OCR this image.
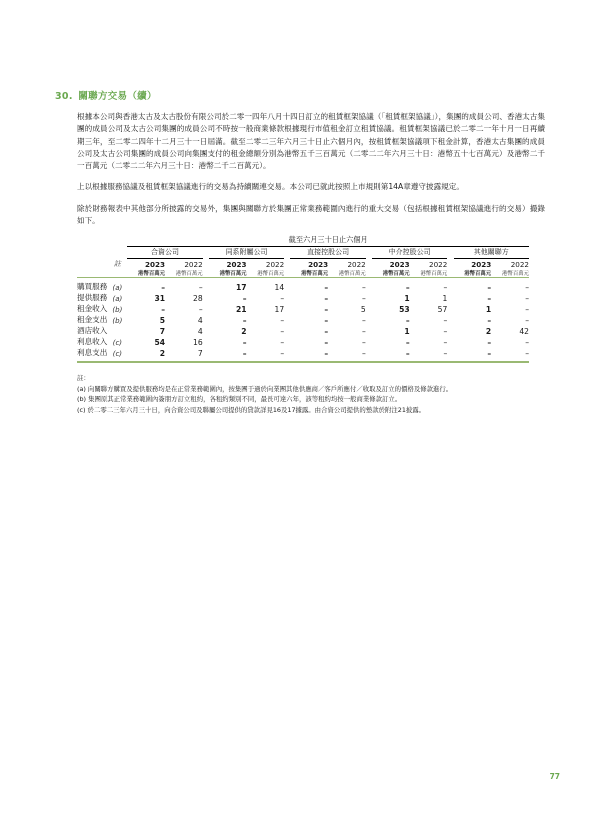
30. 關聯方交易（續）

根據本公司與香港太古及太古股份有限公司於二零一四年八月十四日訂立的租賃框架協議（「租賃框架協議」），集團的成員公司、香港太古集團的成員公司及太古公司集團的成員公司不時按一般商業條款根據現行市值租金訂立租賃協議。租賃框架協議已於二零二一年十月一日再續期三年，至二零二四年十二月三十一日屆滿。截至二零二三年六月三十日止六個月內，按租賃框架協議項下租金計算，香港太古集團的成員公司及太古公司集團的成員公司向集團支付的租金總額分別為港幣五千三百萬元（二零二二年六月三十日：港幣五十七百萬元）及港幣二千一百萬元（二零二二年六月三十日：港幣二千二百萬元）。

上以根據服務協議及租賃框架協議進行的交易為持續關連交易。本公司已就此按照上市規則第14A章遵守披露規定。

除於財務報表中其他部分所披露的交易外，集團與關聯方於集團正常業務範圍內進行的重大交易（包括根據租賃框架協議進行的交易）撮錄如下。

		截至六月三十日止六個月													

		合資公司			同系附屬公司			直接控股公司			中介控股公司			其他關聯方	

	註	2023	2022		2023	2022		2023	2022		2023	2022		2023	2022
		港幣百萬元	港幣百萬元		港幣百萬元	港幣百萬元		港幣百萬元	港幣百萬元		港幣百萬元	港幣百萬元		港幣百萬元	港幣百萬元

購買服務	(a)	–	–		17	14		–	–		–	–		–	–
提供服務	(a)	31	28		–	–		–	–		1	1		–	–
租金收入	(b)	–	–		21	17		–	5		53	57		1	–
租金支出	(b)	5	4		–	–		–	–		–	–		–	–
酒店收入		7	4		2	–		–	–		1	–		2	42
利息收入	(c)	54	16		–	–		–	–		–	–		–	–
利息支出	(c)	2	7		–	–		–	–		–	–		–	–

註：
(a) 向關聯方購買及提供服務均是在正常業務範圍內，按集團于過於向業團其他供應商／客戶所應付／收取及訂立的價格及條款進行。
(b) 集團原其正常業務範圍內簽朋方訂立租約，各租約類別不同，最長可達六年，該等租約均按一般商業條款訂立。
(c) 於二零二三年六月三十日，向合資公司及聯屬公司提供的貸款詳見16及17據露。由合資公司提供的墊款於附注21披露。
77
